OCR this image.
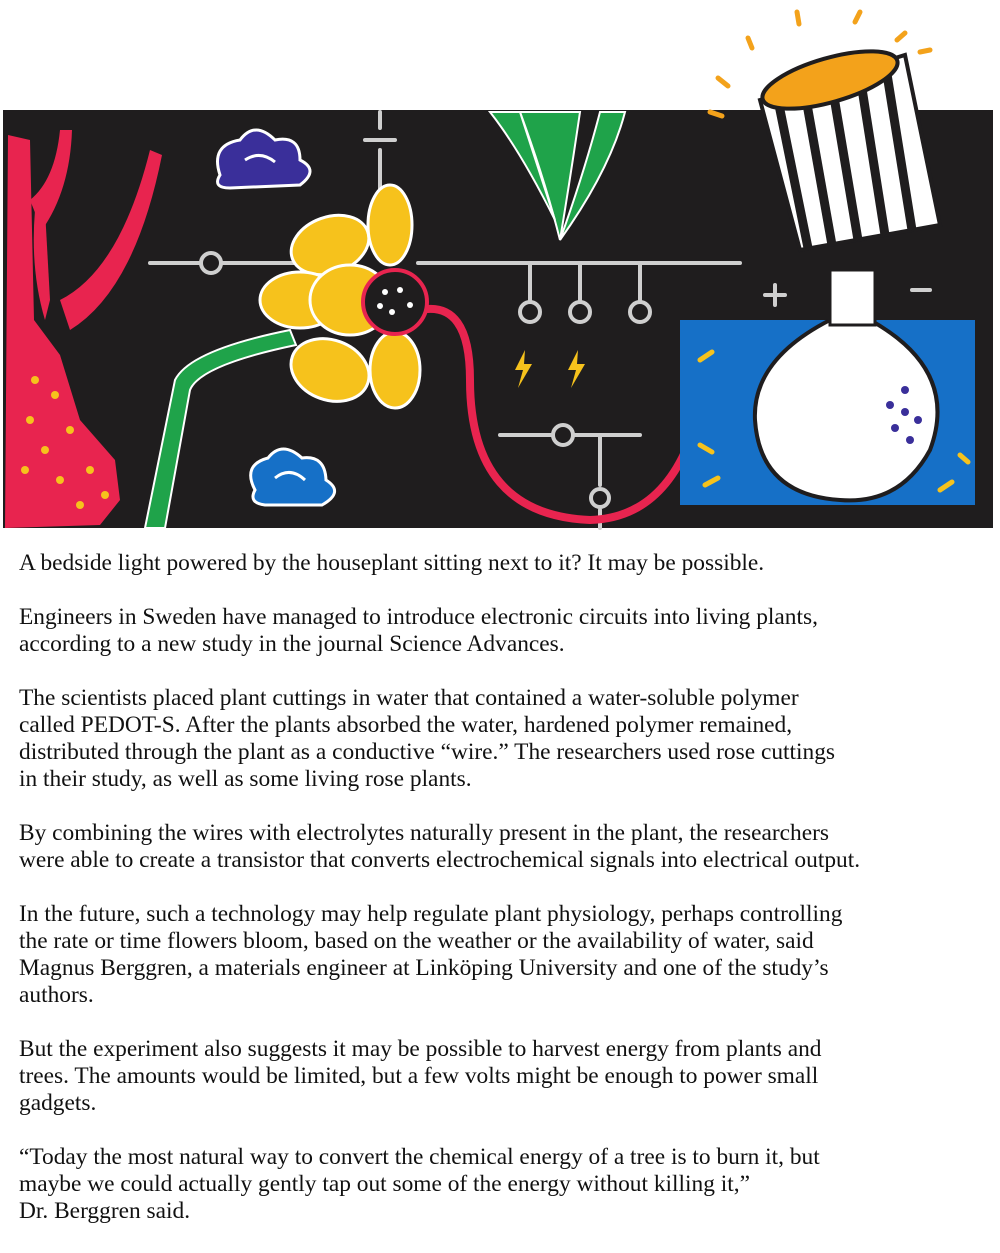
A bedside light powered by the houseplant sitting next to it? It may be possible.

Engineers in Sweden have managed to introduce electronic circuits into living plants,
according to a new study in the journal Science Advances.

The scientists placed plant cuttings in water that contained a water-soluble polymer
called PEDOT-S. After the plants absorbed the water, hardened polymer remained,
distributed through the plant as a conductive “wire.” The researchers used rose cuttings
in their study, as well as some living rose plants.

By combining the wires with electrolytes naturally present in the plant, the researchers
were able to create a transistor that converts electrochemical signals into electrical output.

In the future, such a technology may help regulate plant physiology, perhaps controlling
the rate or time flowers bloom, based on the weather or the availability of water, said
Magnus Berggren, a materials engineer at Linköping University and one of the study’s
authors.

But the experiment also suggests it may be possible to harvest energy from plants and
trees. The amounts would be limited, but a few volts might be enough to power small
gadgets.

“Today the most natural way to convert the chemical energy of a tree is to burn it, but
maybe we could actually gently tap out some of the energy without killing it,”
Dr. Berggren said.
